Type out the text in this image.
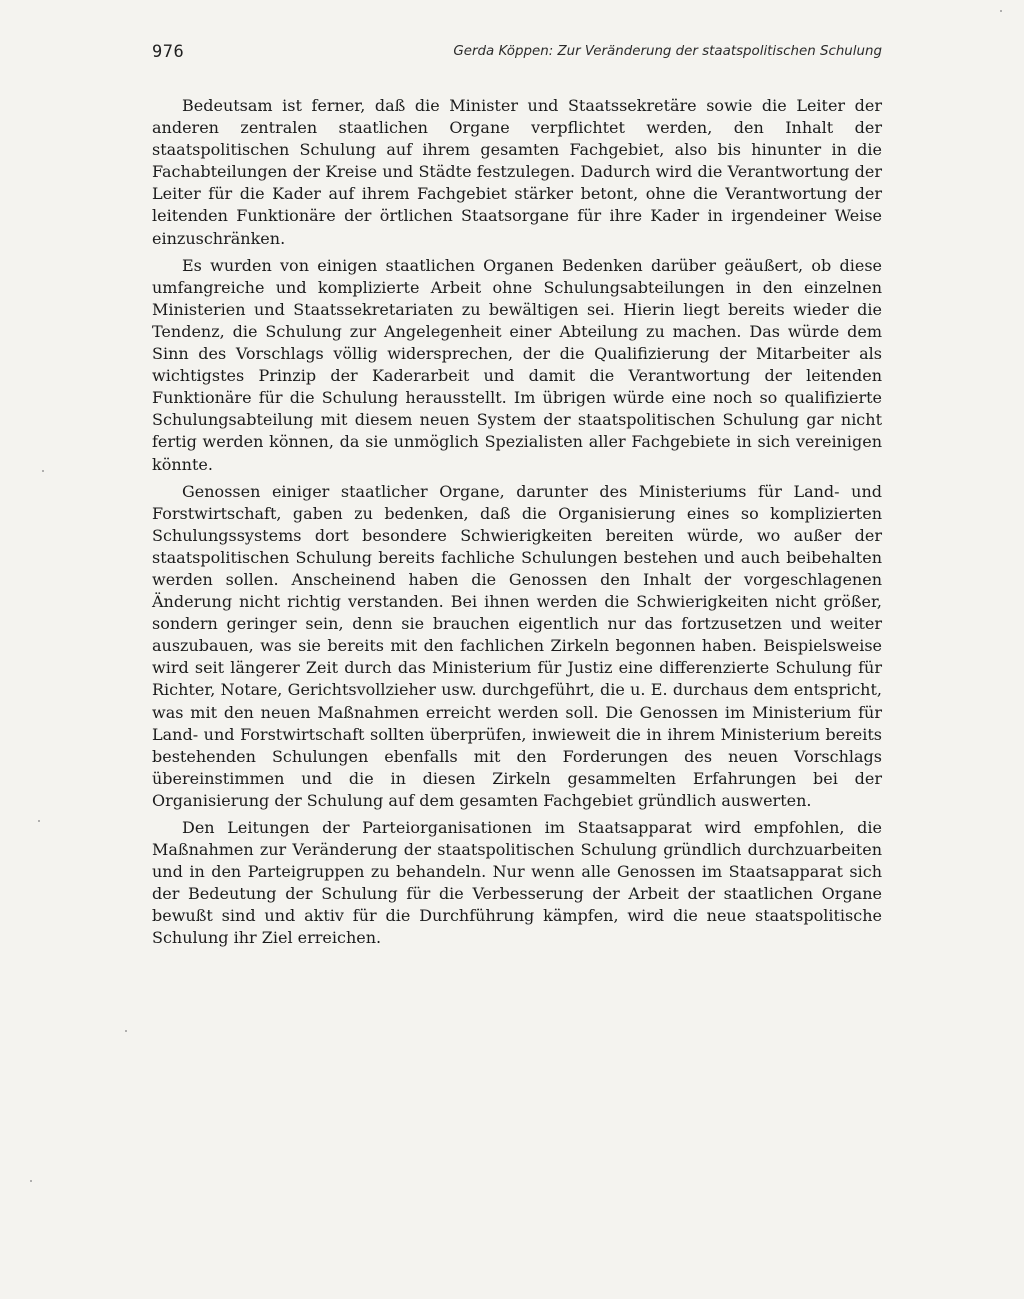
976	Gerda Köppen: Zur Veränderung der staatspolitischen Schulung

Bedeutsam ist ferner, daß die Minister und Staatssekretäre sowie die Leiter der anderen zentralen staatlichen Organe verpflichtet werden, den Inhalt der staatspolitischen Schulung auf ihrem gesamten Fachgebiet, also bis hinunter in die Fachabteilungen der Kreise und Städte festzulegen. Dadurch wird die Verantwortung der Leiter für die Kader auf ihrem Fachgebiet stärker betont, ohne die Verantwortung der leitenden Funktionäre der örtlichen Staatsorgane für ihre Kader in irgendeiner Weise einzuschränken.

Es wurden von einigen staatlichen Organen Bedenken darüber geäußert, ob diese umfangreiche und komplizierte Arbeit ohne Schulungsabteilungen in den einzelnen Ministerien und Staatssekretariaten zu bewältigen sei. Hierin liegt bereits wieder die Tendenz, die Schulung zur Angelegenheit einer Abteilung zu machen. Das würde dem Sinn des Vorschlags völlig widersprechen, der die Qualifizierung der Mitarbeiter als wichtigstes Prinzip der Kaderarbeit und damit die Verantwortung der leitenden Funktionäre für die Schulung herausstellt. Im übrigen würde eine noch so qualifizierte Schulungsabteilung mit diesem neuen System der staatspolitischen Schulung gar nicht fertig werden können, da sie unmöglich Spezialisten aller Fachgebiete in sich vereinigen könnte.

Genossen einiger staatlicher Organe, darunter des Ministeriums für Land- und Forstwirtschaft, gaben zu bedenken, daß die Organisierung eines so komplizierten Schulungssystems dort besondere Schwierigkeiten bereiten würde, wo außer der staatspolitischen Schulung bereits fachliche Schulungen bestehen und auch beibehalten werden sollen. Anscheinend haben die Genossen den Inhalt der vorgeschlagenen Änderung nicht richtig verstanden. Bei ihnen werden die Schwierigkeiten nicht größer, sondern geringer sein, denn sie brauchen eigentlich nur das fortzusetzen und weiter auszubauen, was sie bereits mit den fachlichen Zirkeln begonnen haben. Beispielsweise wird seit längerer Zeit durch das Ministerium für Justiz eine differenzierte Schulung für Richter, Notare, Gerichtsvollzieher usw. durchgeführt, die u. E. durchaus dem entspricht, was mit den neuen Maßnahmen erreicht werden soll. Die Genossen im Ministerium für Land- und Forstwirtschaft sollten überprüfen, inwieweit die in ihrem Ministerium bereits bestehenden Schulungen ebenfalls mit den Forderungen des neuen Vorschlags übereinstimmen und die in diesen Zirkeln gesammelten Erfahrungen bei der Organisierung der Schulung auf dem gesamten Fachgebiet gründlich auswerten.

Den Leitungen der Parteiorganisationen im Staatsapparat wird empfohlen, die Maßnahmen zur Veränderung der staatspolitischen Schulung gründlich durchzuarbeiten und in den Parteigruppen zu behandeln. Nur wenn alle Genossen im Staatsapparat sich der Bedeutung der Schulung für die Verbesserung der Arbeit der staatlichen Organe bewußt sind und aktiv für die Durchführung kämpfen, wird die neue staatspolitische Schulung ihr Ziel erreichen.
